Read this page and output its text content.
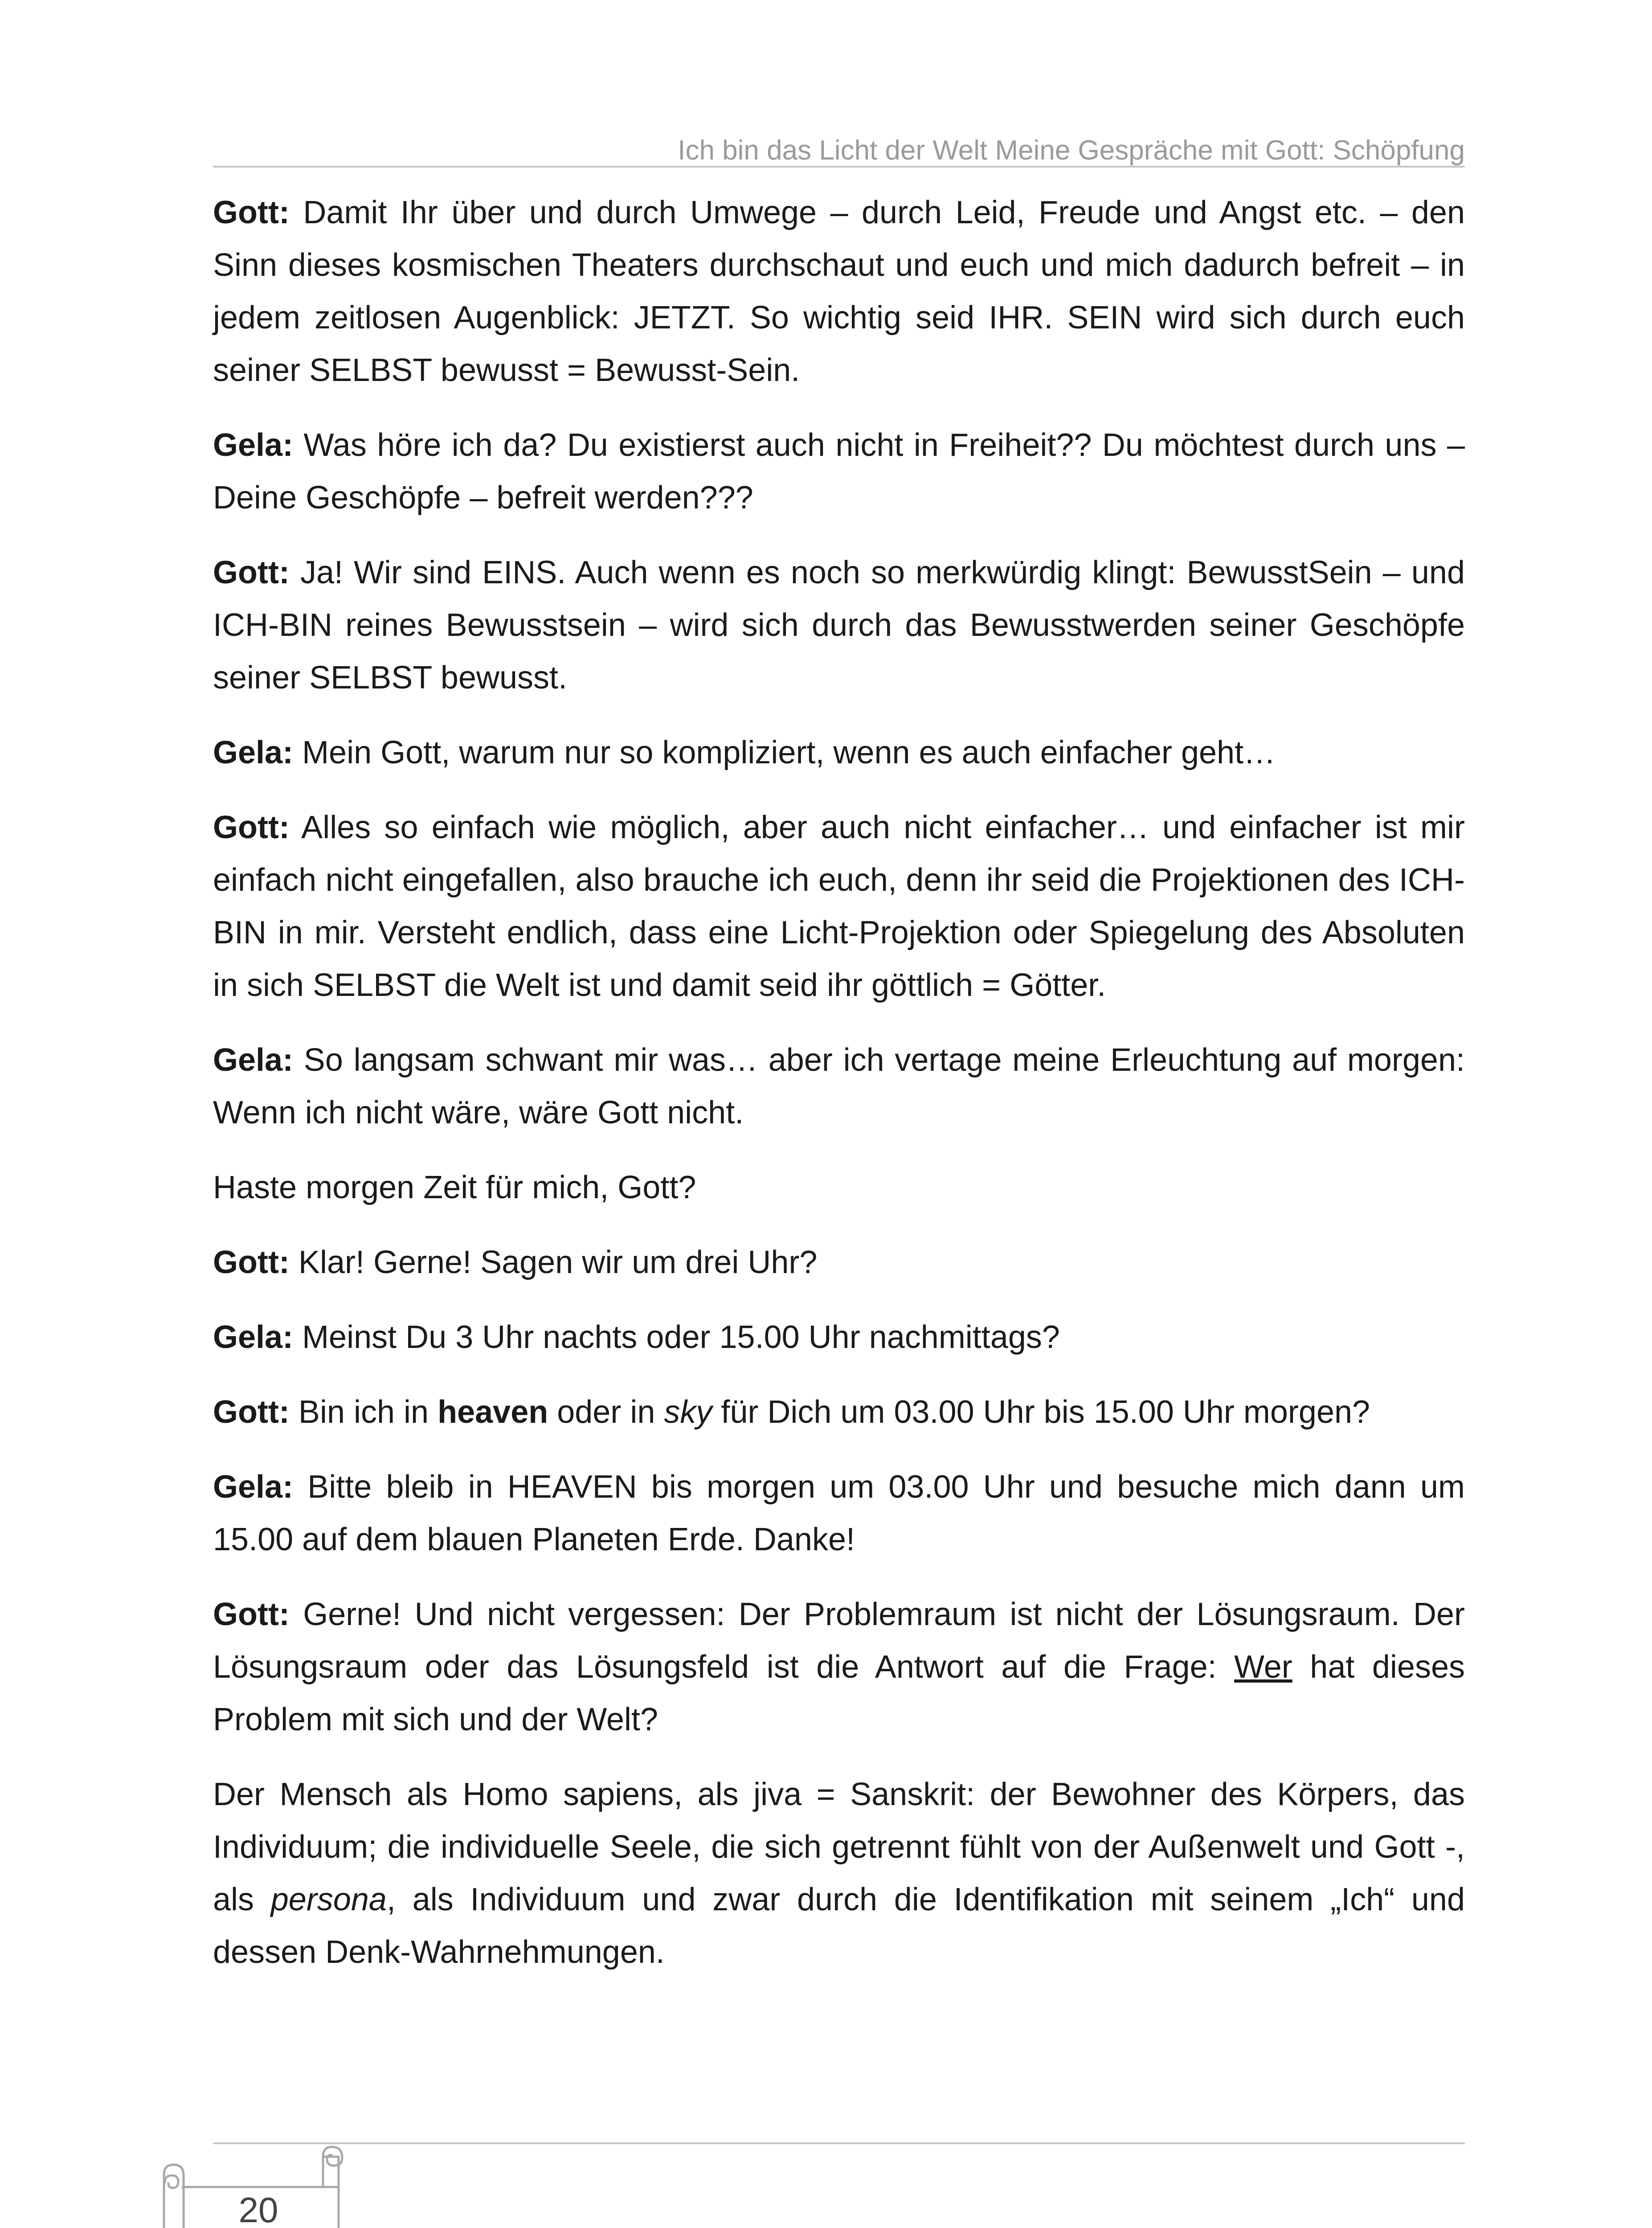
Ich bin das Licht der Welt Meine Gespräche mit Gott: Schöpfung

Gott: Damit Ihr über und durch Umwege – durch Leid, Freude und Angst etc. – den Sinn dieses kosmischen Theaters durchschaut und euch und mich dadurch befreit – in jedem zeitlosen Augenblick: JETZT. So wichtig seid IHR. SEIN wird sich durch euch seiner SELBST bewusst = Bewusst-Sein.

Gela: Was höre ich da? Du existierst auch nicht in Freiheit?? Du möchtest durch uns – Deine Geschöpfe – befreit werden???

Gott: Ja! Wir sind EINS. Auch wenn es noch so merkwürdig klingt: BewusstSein – und ICH-BIN reines Bewusstsein – wird sich durch das Bewusstwerden seiner Geschöpfe seiner SELBST bewusst.

Gela: Mein Gott, warum nur so kompliziert, wenn es auch einfacher geht…

Gott: Alles so einfach wie möglich, aber auch nicht einfacher… und einfacher ist mir einfach nicht eingefallen, also brauche ich euch, denn ihr seid die Projektionen des ICH-BIN in mir. Versteht endlich, dass eine Licht-Projektion oder Spiegelung des Absoluten in sich SELBST die Welt ist und damit seid ihr göttlich = Götter.

Gela: So langsam schwant mir was… aber ich vertage meine Erleuchtung auf morgen: Wenn ich nicht wäre, wäre Gott nicht.

Haste morgen Zeit für mich, Gott?

Gott: Klar! Gerne! Sagen wir um drei Uhr?

Gela: Meinst Du 3 Uhr nachts oder 15.00 Uhr nachmittags?

Gott: Bin ich in heaven oder in sky für Dich um 03.00 Uhr bis 15.00 Uhr morgen?

Gela: Bitte bleib in HEAVEN bis morgen um 03.00 Uhr und besuche mich dann um 15.00 auf dem blauen Planeten Erde. Danke!

Gott: Gerne! Und nicht vergessen: Der Problemraum ist nicht der Lösungsraum. Der Lösungsraum oder das Lösungsfeld ist die Antwort auf die Frage: Wer hat dieses Problem mit sich und der Welt?

Der Mensch als Homo sapiens, als jiva = Sanskrit: der Bewohner des Körpers, das Individuum; die individuelle Seele, die sich getrennt fühlt von der Außenwelt und Gott -, als persona, als Individuum und zwar durch die Identifikation mit seinem „Ich“ und dessen Denk-Wahrnehmungen.

20
